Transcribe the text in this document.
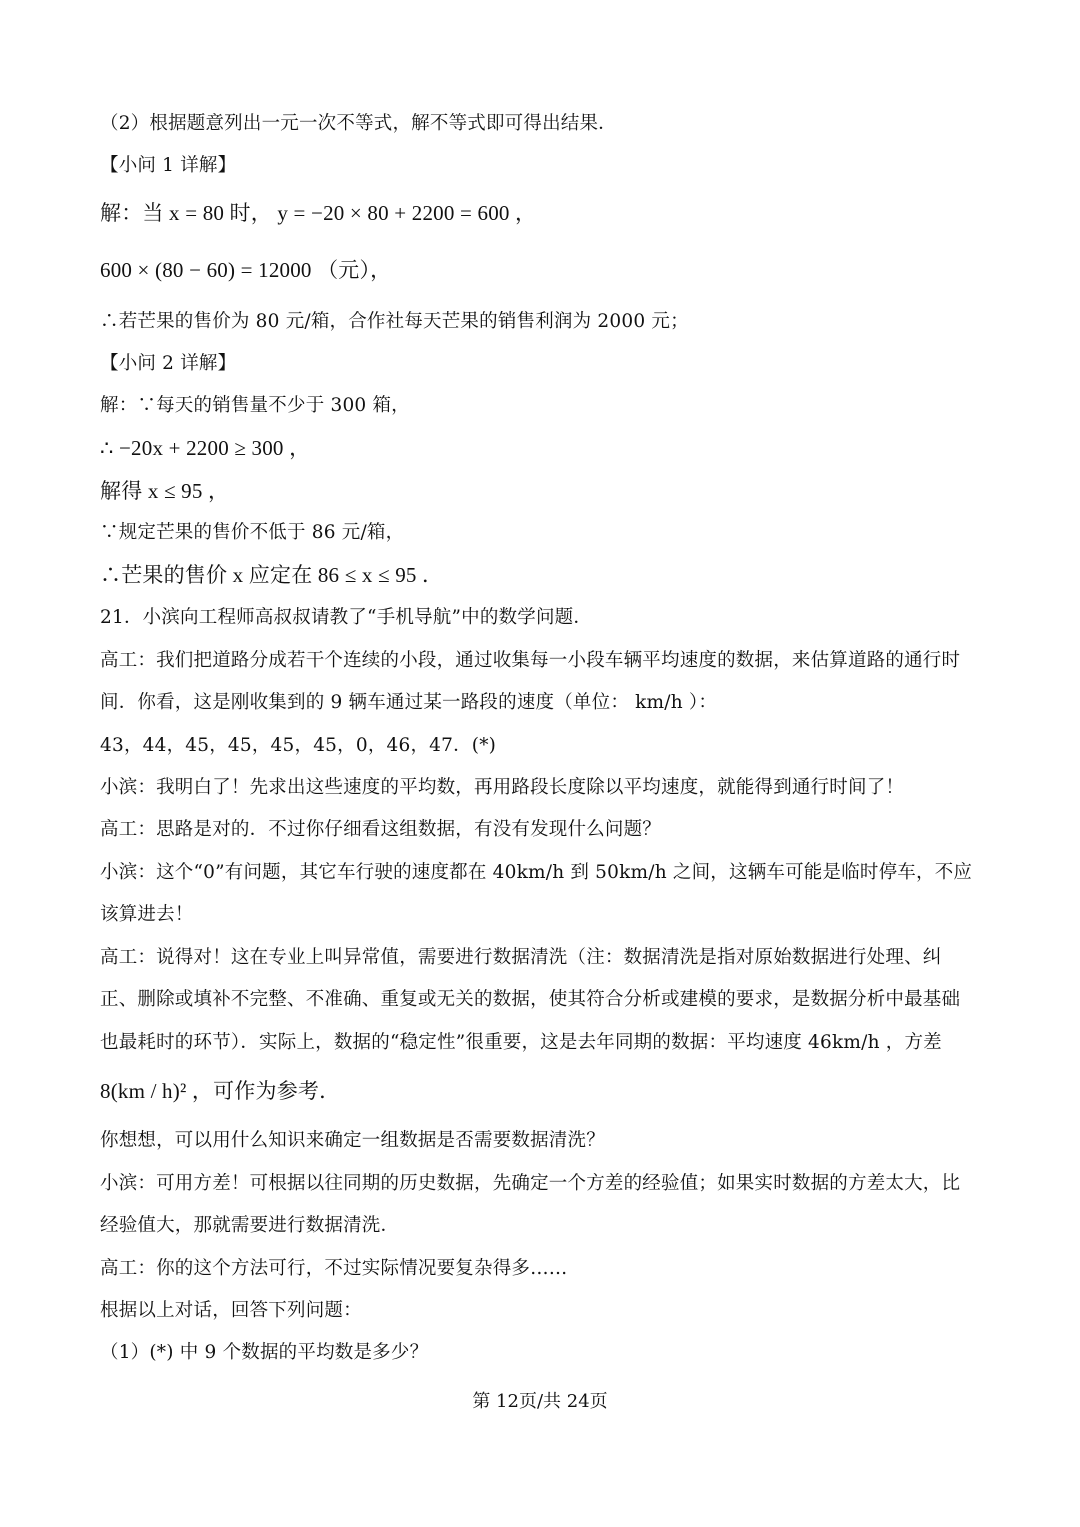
（2）根据题意列出一元一次不等式，解不等式即可得出结果．
【小问 1 详解】
解：当 x = 80 时， y = −20 × 80 + 2200 = 600 ，
600 × (80 − 60) = 12000 （元），
∴若芒果的售价为 80 元/箱，合作社每天芒果的销售利润为 2000 元；
【小问 2 详解】
解：∵每天的销售量不少于 300 箱，
∴ −20x + 2200 ≥ 300 ，
解得 x ≤ 95 ，
∵规定芒果的售价不低于 86 元/箱，
∴芒果的售价 x 应定在 86 ≤ x ≤ 95 ．
21．小滨向工程师高叔叔请教了“手机导航”中的数学问题．
高工：我们把道路分成若干个连续的小段，通过收集每一小段车辆平均速度的数据，来估算道路的通行时
间．你看，这是刚收集到的 9 辆车通过某一路段的速度（单位： km/h ）：
43，44，45，45，45，45，0，46，47．(*)
小滨：我明白了！先求出这些速度的平均数，再用路段长度除以平均速度，就能得到通行时间了！
高工：思路是对的．不过你仔细看这组数据，有没有发现什么问题？
小滨：这个“0”有问题，其它车行驶的速度都在 40km/h 到 50km/h 之间，这辆车可能是临时停车，不应
该算进去！
高工：说得对！这在专业上叫异常值，需要进行数据清洗（注：数据清洗是指对原始数据进行处理、纠
正、删除或填补不完整、不准确、重复或无关的数据，使其符合分析或建模的要求，是数据分析中最基础
也最耗时的环节）．实际上，数据的“稳定性”很重要，这是去年同期的数据：平均速度 46km/h ，方差
8(km / h)² ，可作为参考．
你想想，可以用什么知识来确定一组数据是否需要数据清洗？
小滨：可用方差！可根据以往同期的历史数据，先确定一个方差的经验值；如果实时数据的方差太大，比
经验值大，那就需要进行数据清洗．
高工：你的这个方法可行，不过实际情况要复杂得多……
根据以上对话，回答下列问题：
（1）(*) 中 9 个数据的平均数是多少？
第 12页/共 24页
